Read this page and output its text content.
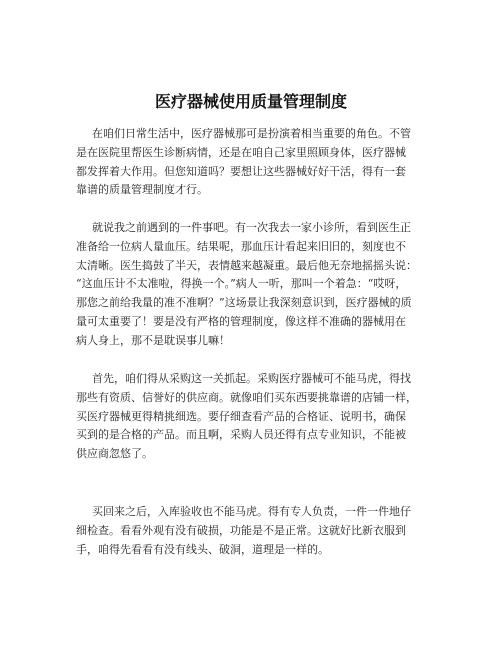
医疗器械使用质量管理制度

在咱们日常生活中，医疗器械那可是扮演着相当重要的角色。不管
是在医院里帮医生诊断病情，还是在咱自己家里照顾身体，医疗器械
都发挥着大作用。但您知道吗？要想让这些器械好好干活，得有一套
靠谱的质量管理制度才行。

就说我之前遇到的一件事吧。有一次我去一家小诊所，看到医生正
准备给一位病人量血压。结果呢，那血压计看起来旧旧的，刻度也不
太清晰。医生捣鼓了半天，表情越来越凝重。最后他无奈地摇摇头说：
“这血压计不太准啦，得换一个。”病人一听，那叫一个着急：“哎呀，
那您之前给我量的准不准啊？”这场景让我深刻意识到，医疗器械的质
量可太重要了！要是没有严格的管理制度，像这样不准确的器械用在
病人身上，那不是耽误事儿嘛！

首先，咱们得从采购这一关抓起。采购医疗器械可不能马虎，得找
那些有资质、信誉好的供应商。就像咱们买东西要挑靠谱的店铺一样，
买医疗器械更得精挑细选。要仔细查看产品的合格证、说明书，确保
买到的是合格的产品。而且啊，采购人员还得有点专业知识，不能被
供应商忽悠了。

买回来之后，入库验收也不能马虎。得有专人负责，一件一件地仔
细检查。看看外观有没有破损，功能是不是正常。这就好比新衣服到
手，咱得先看看有没有线头、破洞，道理是一样的。
